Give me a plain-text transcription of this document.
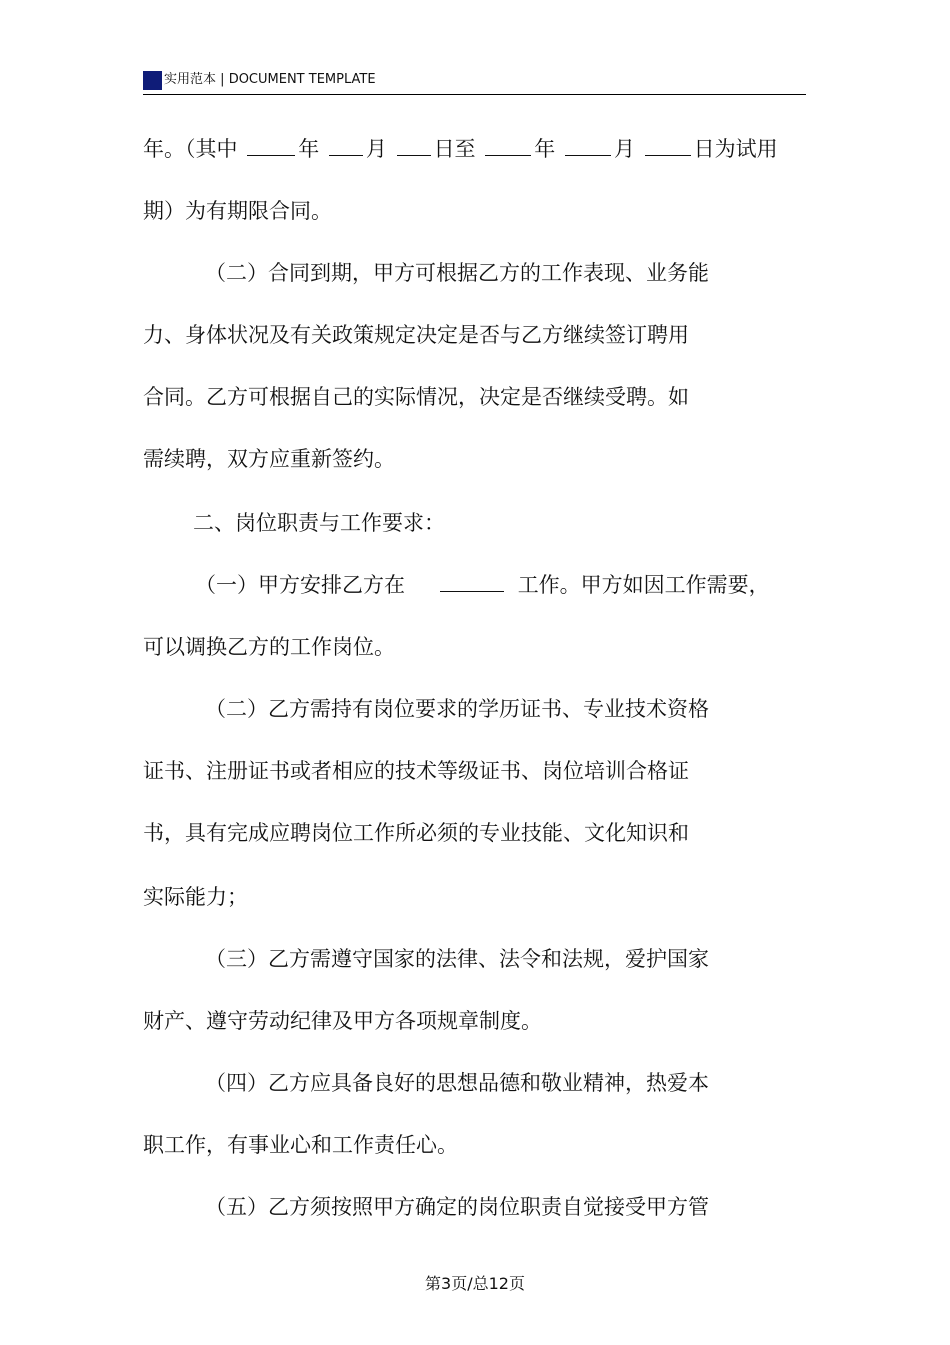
实用范本 | DOCUMENT TEMPLATE
年。（其中	年 月 日至	年	月	日为试用
期）为有期限合同。
（二）合同到期，甲方可根据乙方的工作表现、业务能
力、身体状况及有关政策规定决定是否与乙方继续签订聘用
合同。乙方可根据自己的实际情况，决定是否继续受聘。如
需续聘，双方应重新签约。
二、岗位职责与工作要求：
（一）甲方安排乙方在	工作。甲方如因工作需要，
可以调换乙方的工作岗位。
（二）乙方需持有岗位要求的学历证书、专业技术资格
证书、注册证书或者相应的技术等级证书、岗位培训合格证
书，具有完成应聘岗位工作所必须的专业技能、文化知识和
实际能力；
（三）乙方需遵守国家的法律、法令和法规，爱护国家
财产、遵守劳动纪律及甲方各项规章制度。
（四）乙方应具备良好的思想品德和敬业精神，热爱本
职工作，有事业心和工作责任心。
（五）乙方须按照甲方确定的岗位职责自觉接受甲方管
第3页/总12页
